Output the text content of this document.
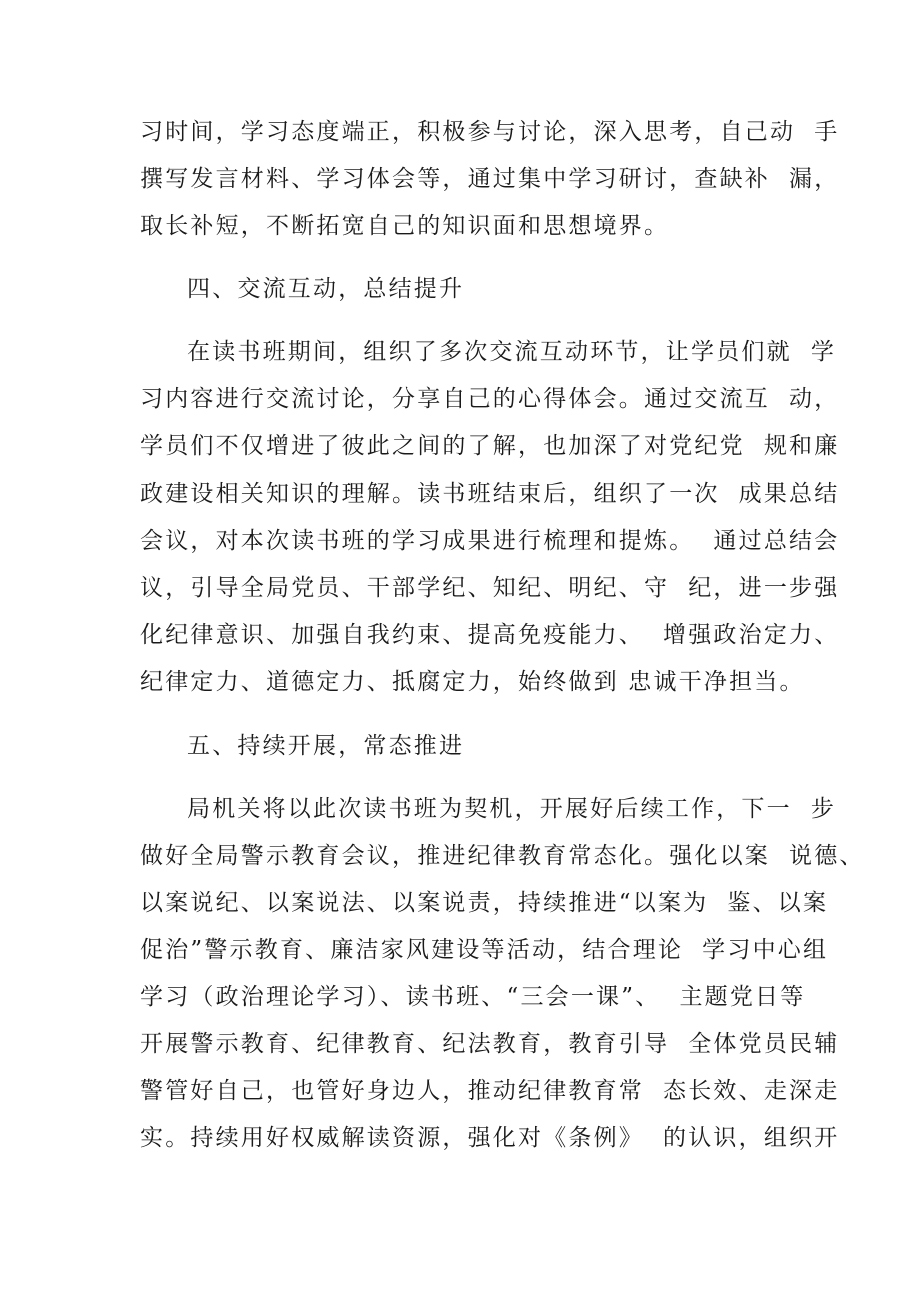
习时间，学习态度端正，积极参与讨论，深入思考，自己动  手
撰写发言材料、学习体会等，通过集中学习研讨，查缺补  漏，
取长补短，不断拓宽自己的知识面和思想境界。
四、交流互动，总结提升
在读书班期间，组织了多次交流互动环节，让学员们就  学
习内容进行交流讨论，分享自己的心得体会。通过交流互  动，
学员们不仅增进了彼此之间的了解，也加深了对党纪党  规和廉
政建设相关知识的理解。读书班结束后，组织了一次  成果总结
会议，对本次读书班的学习成果进行梳理和提炼。  通过总结会
议，引导全局党员、干部学纪、知纪、明纪、守  纪，进一步强
化纪律意识、加强自我约束、提高免疫能力、  增强政治定力、
纪律定力、道德定力、抵腐定力，始终做到 忠诚干净担当。
五、持续开展，常态推进
局机关将以此次读书班为契机，开展好后续工作，下一  步
做好全局警示教育会议，推进纪律教育常态化。强化以案  说德、
以案说纪、以案说法、以案说责，持续推进“以案为  鉴、以案
促治”警示教育、廉洁家风建设等活动，结合理论  学习中心组
学习（政治理论学习）、读书班、“三会一课”、  主题党日等
开展警示教育、纪律教育、纪法教育，教育引导  全体党员民辅
警管好自己，也管好身边人，推动纪律教育常  态长效、走深走
实。持续用好权威解读资源，强化对《条例》  的认识，组织开
